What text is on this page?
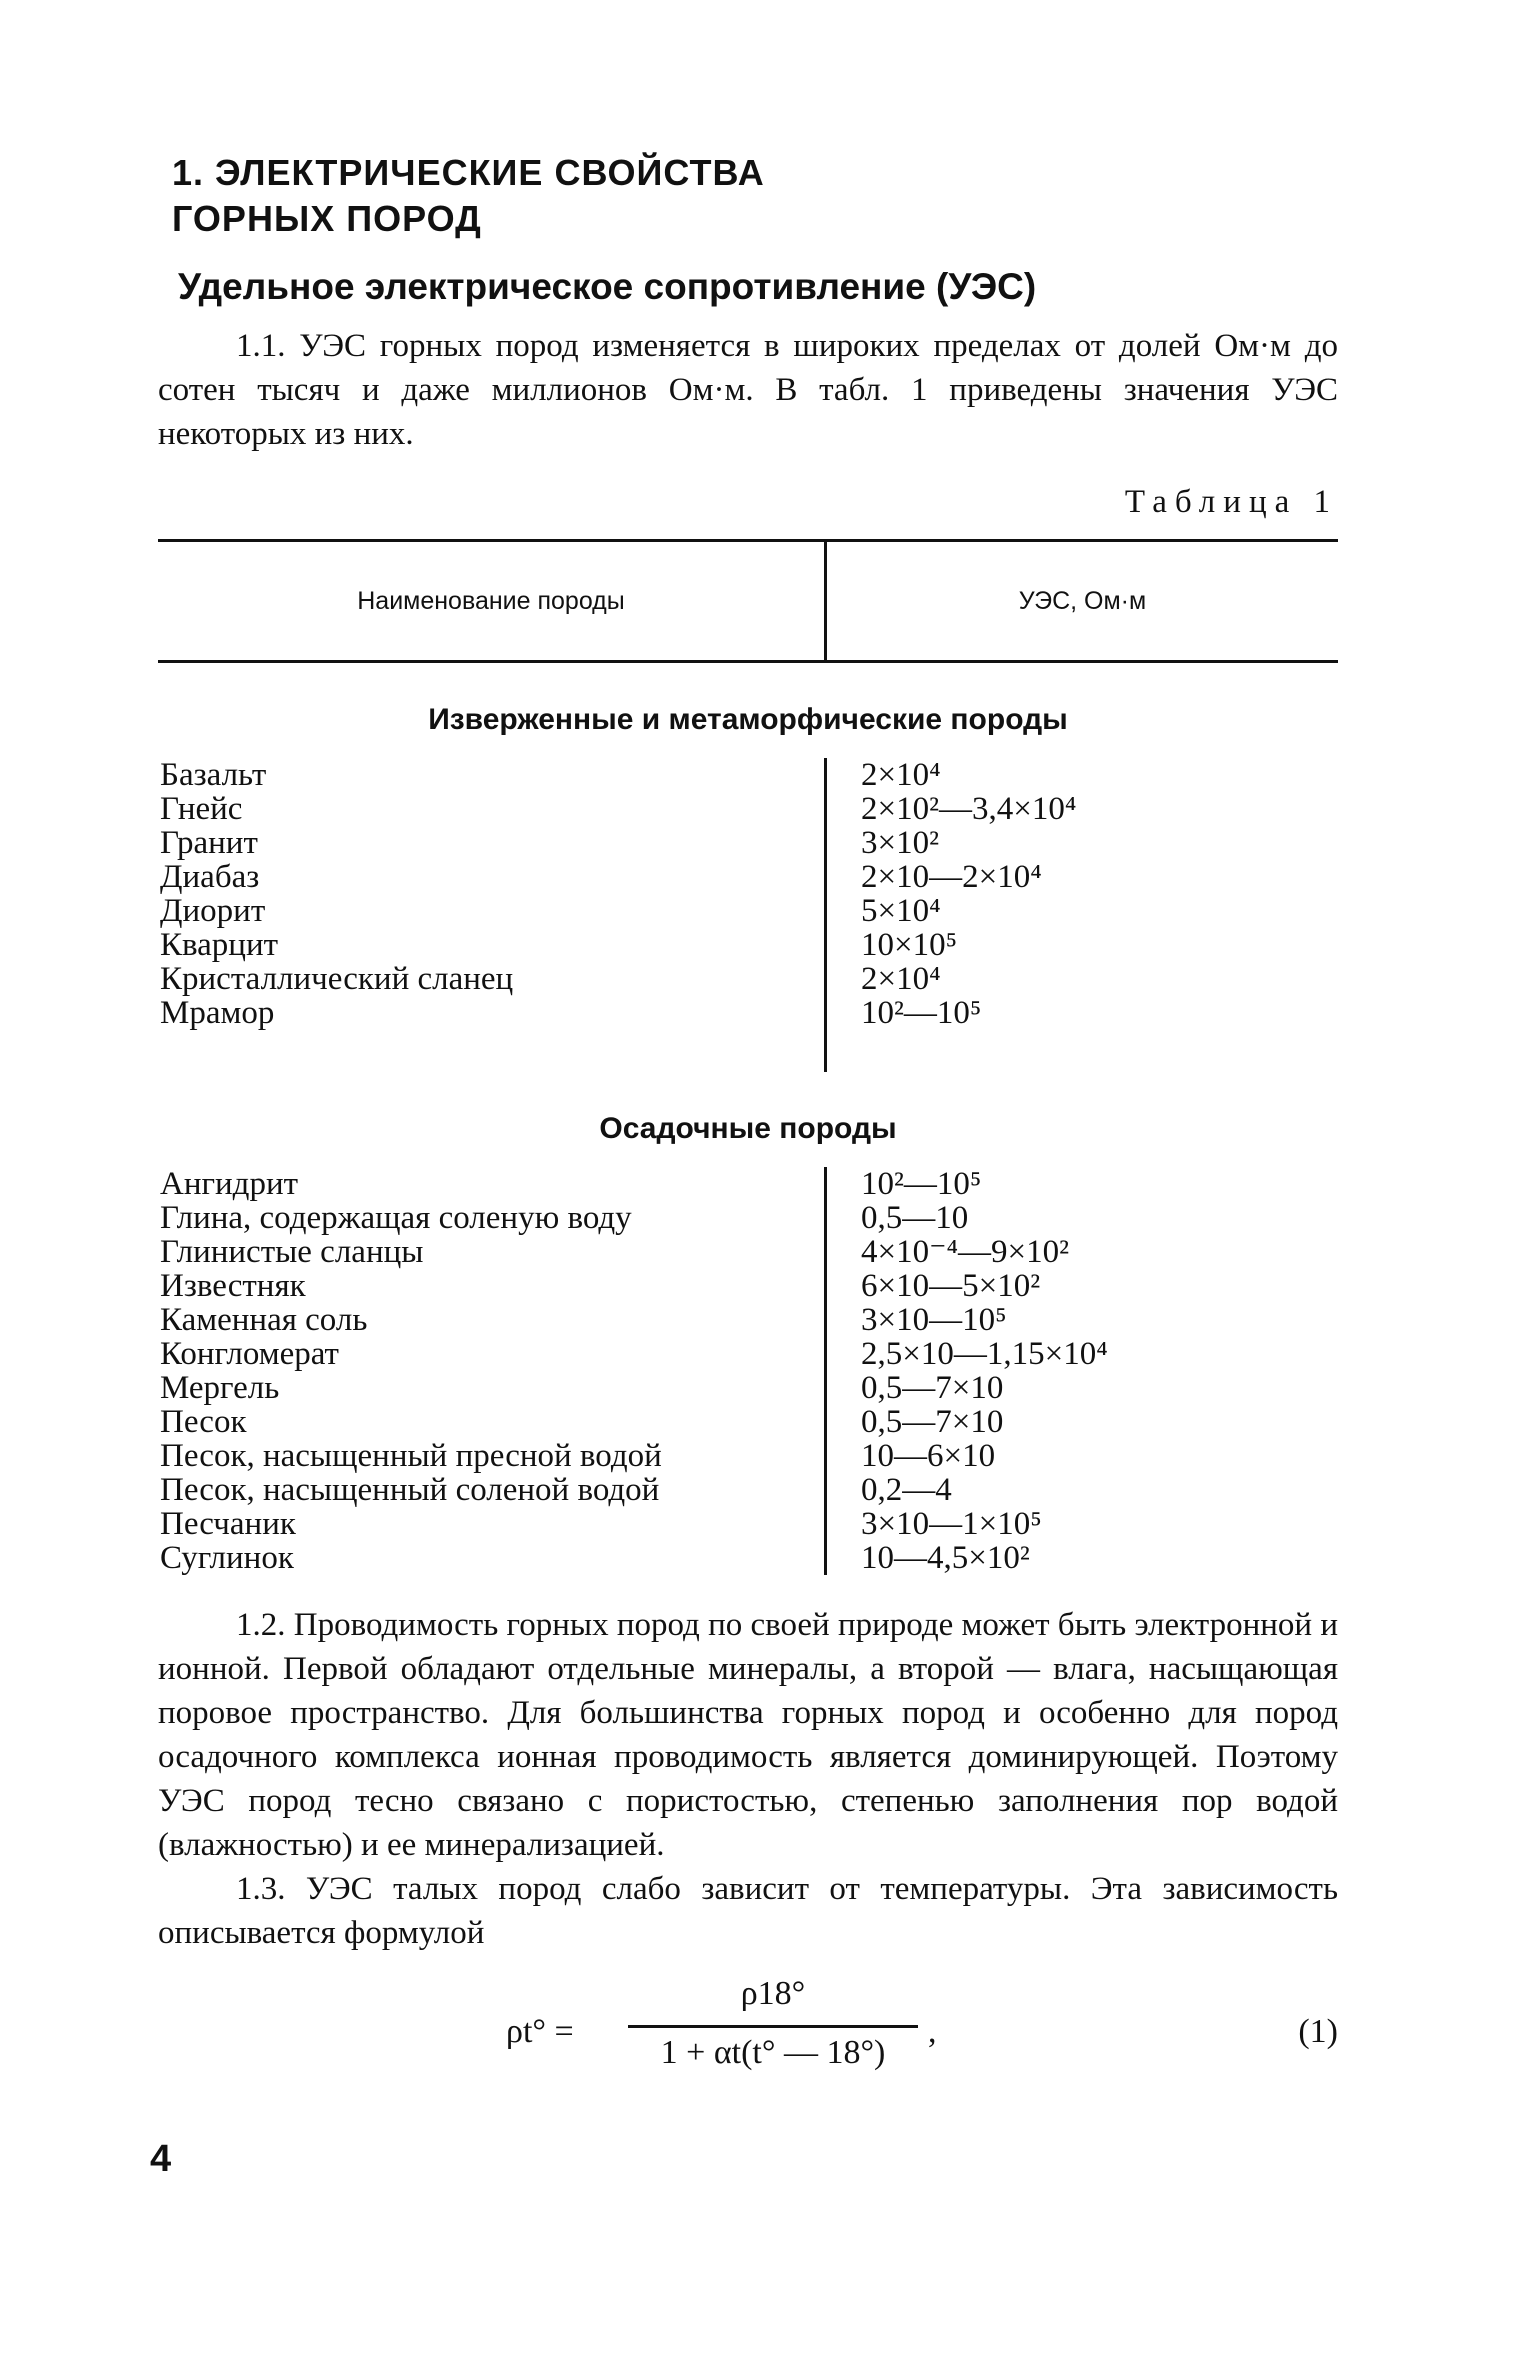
1. ЭЛЕКТРИЧЕСКИЕ СВОЙСТВА
ГОРНЫХ ПОРОД
Удельное электрическое сопротивление (УЭС)

1.1. УЭС горных пород изменяется в широких пределах от долей Ом·м до сотен тысяч и даже миллионов Ом·м. В табл. 1 приведены значения УЭС некоторых из них.

Таблица 1
Наименование породы	УЭС, Ом·м
Изверженные и метаморфические породы	
Базальт	2×10⁴
Гнейс	2×10²—3,4×10⁴
Гранит	3×10²
Диабаз	2×10—2×10⁴
Диорит	5×10⁴
Кварцит	10×10⁵
Кристаллический сланец	2×10⁴
Мрамор	10²—10⁵

Осадочные породы	
Ангидрит	10²—10⁵
Глина, содержащая соленую воду	0,5—10
Глинистые сланцы	4×10⁻⁴—9×10²
Известняк	6×10—5×10²
Каменная соль	3×10—10⁵
Конгломерат	2,5×10—1,15×10⁴
Мергель	0,5—7×10
Песок	0,5—7×10
Песок, насыщенный пресной водой	10—6×10
Песок, насыщенный соленой водой	0,2—4
Песчаник	3×10—1×10⁵
Суглинок	10—4,5×10²

1.2. Проводимость горных пород по своей природе может быть электронной и ионной. Первой обладают отдельные минералы, а второй — влага, насыщающая поровое пространство. Для большинства горных пород и особенно для пород осадочного комплекса ионная проводимость является доминирующей. Поэтому УЭС пород тесно связано с пористостью, степенью заполнения пор водой (влажностью) и ее минерализацией.

1.3. УЭС талых пород слабо зависит от температуры. Эта зависимость описывается формулой

ρt° =
ρ18°
1 + αt(t° — 18°)
,	(1)
4
